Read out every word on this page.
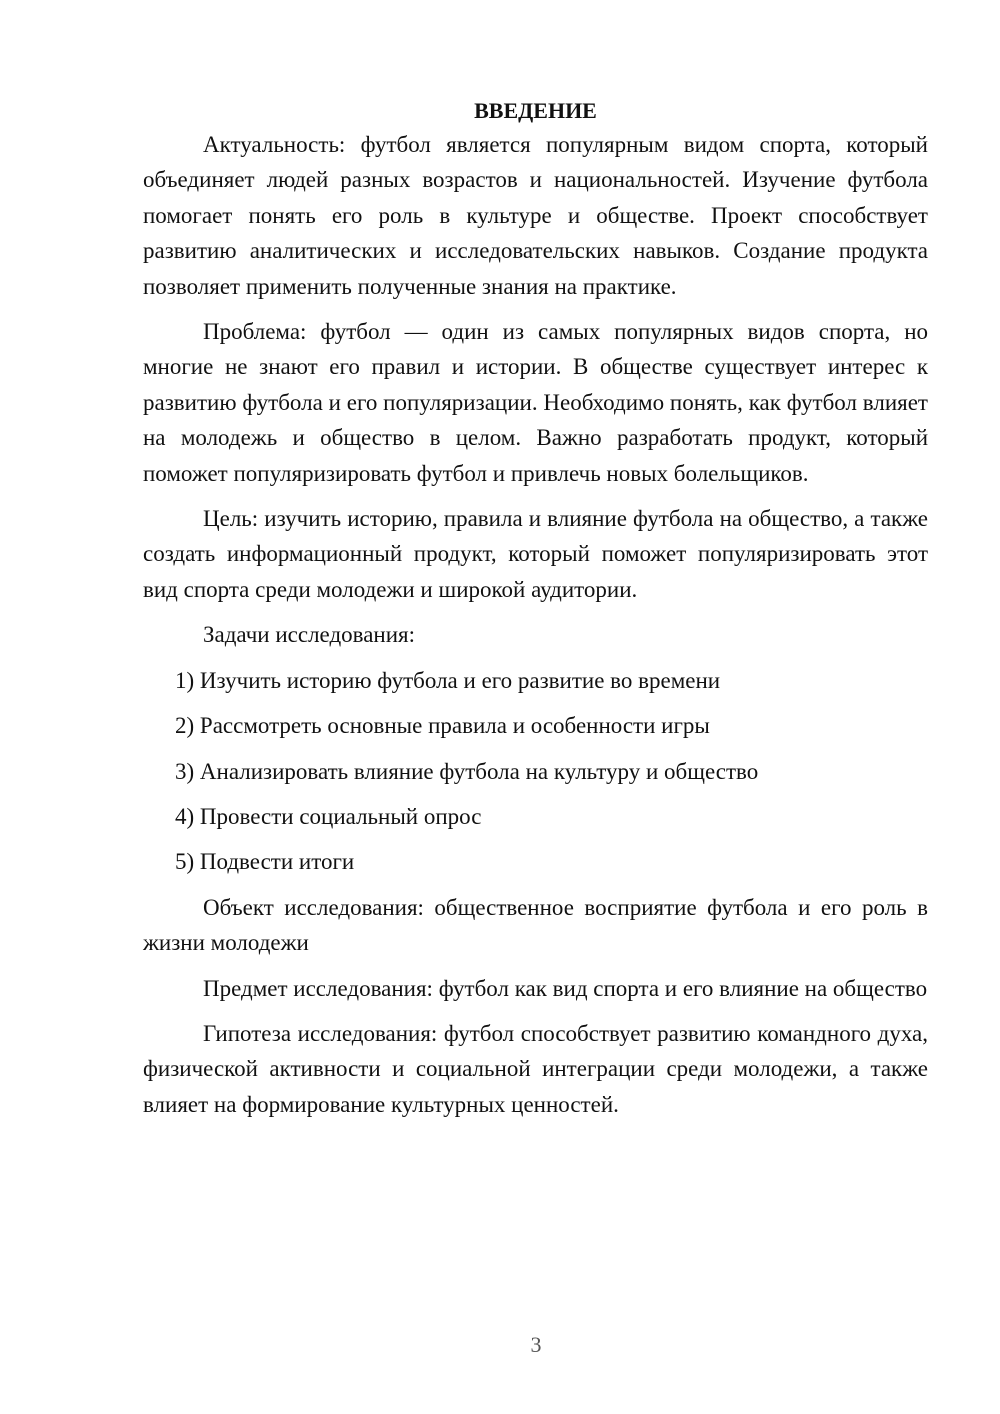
ВВЕДЕНИЕ

Актуальность: футбол является популярным видом спорта, который объединяет людей разных возрастов и национальностей. Изучение футбола помогает понять его роль в культуре и обществе. Проект способствует развитию аналитических и исследовательских навыков. Создание продукта позволяет применить полученные знания на практике.

Проблема: футбол — один из самых популярных видов спорта, но многие не знают его правил и истории. В обществе существует интерес к развитию футбола и его популяризации. Необходимо понять, как футбол влияет на молодежь и общество в целом. Важно разработать продукт, который поможет популяризировать футбол и привлечь новых болельщиков.

Цель: изучить историю, правила и влияние футбола на общество, а также создать информационный продукт, который поможет популяризировать этот вид спорта среди молодежи и широкой аудитории.

Задачи исследования:

1) Изучить историю футбола и его развитие во времени
2) Рассмотреть основные правила и особенности игры
3) Анализировать влияние футбола на культуру и общество
4) Провести социальный опрос
5) Подвести итоги

Объект исследования: общественное восприятие футбола и его роль в жизни молодежи

Предмет исследования: футбол как вид спорта и его влияние на общество

Гипотеза исследования: футбол способствует развитию командного духа, физической активности и социальной интеграции среди молодежи, а также влияет на формирование культурных ценностей.

3
